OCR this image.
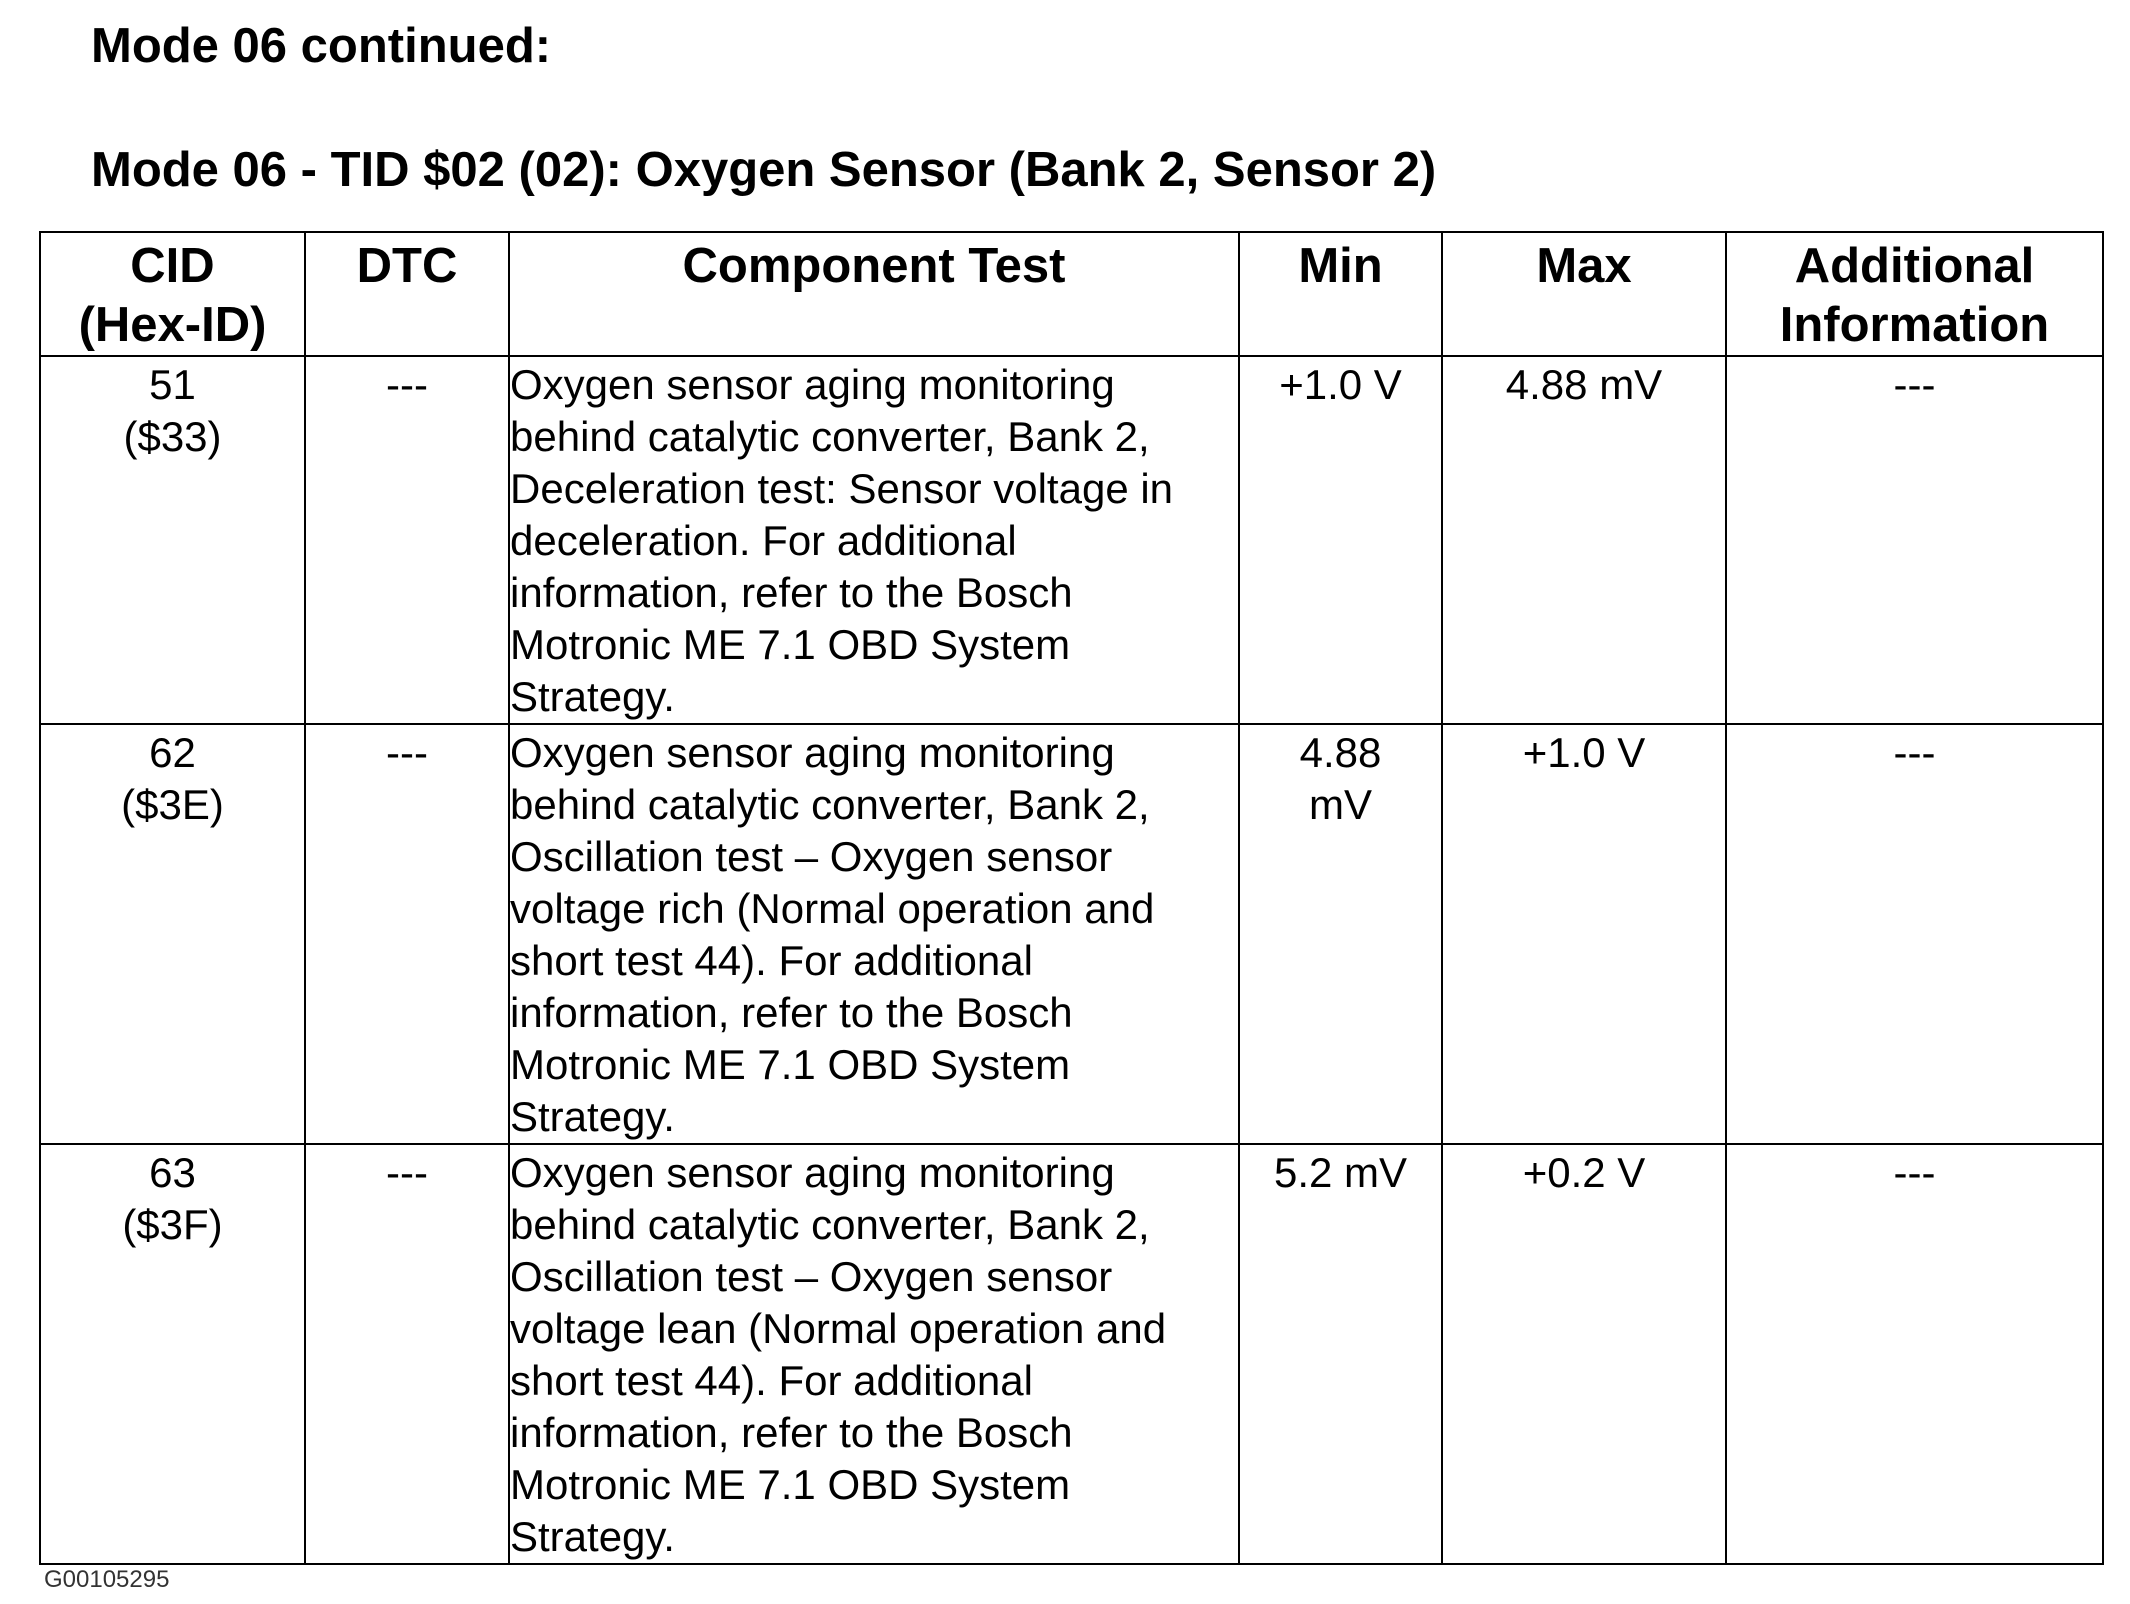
Mode 06 continued:
Mode 06 - TID $02 (02): Oxygen Sensor (Bank 2, Sensor 2)
CID
(Hex-ID)	DTC	Component Test	Min	Max	Additional
Information

51
($33)	---	Oxygen sensor aging monitoring behind catalytic converter, Bank 2, Deceleration test: Sensor voltage in deceleration. For additional information, refer to the Bosch Motronic ME 7.1 OBD System Strategy.	+1.0 V	4.88 mV	---

62
($3E)	---	Oxygen sensor aging monitoring behind catalytic converter, Bank 2, Oscillation test – Oxygen sensor voltage rich (Normal operation and short test 44). For additional information, refer to the Bosch Motronic ME 7.1 OBD System Strategy.	4.88 mV	+1.0 V	---

63
($3F)	---	Oxygen sensor aging monitoring behind catalytic converter, Bank 2, Oscillation test – Oxygen sensor voltage lean (Normal operation and short test 44). For additional information, refer to the Bosch Motronic ME 7.1 OBD System Strategy.	5.2 mV	+0.2 V	---
G00105295
